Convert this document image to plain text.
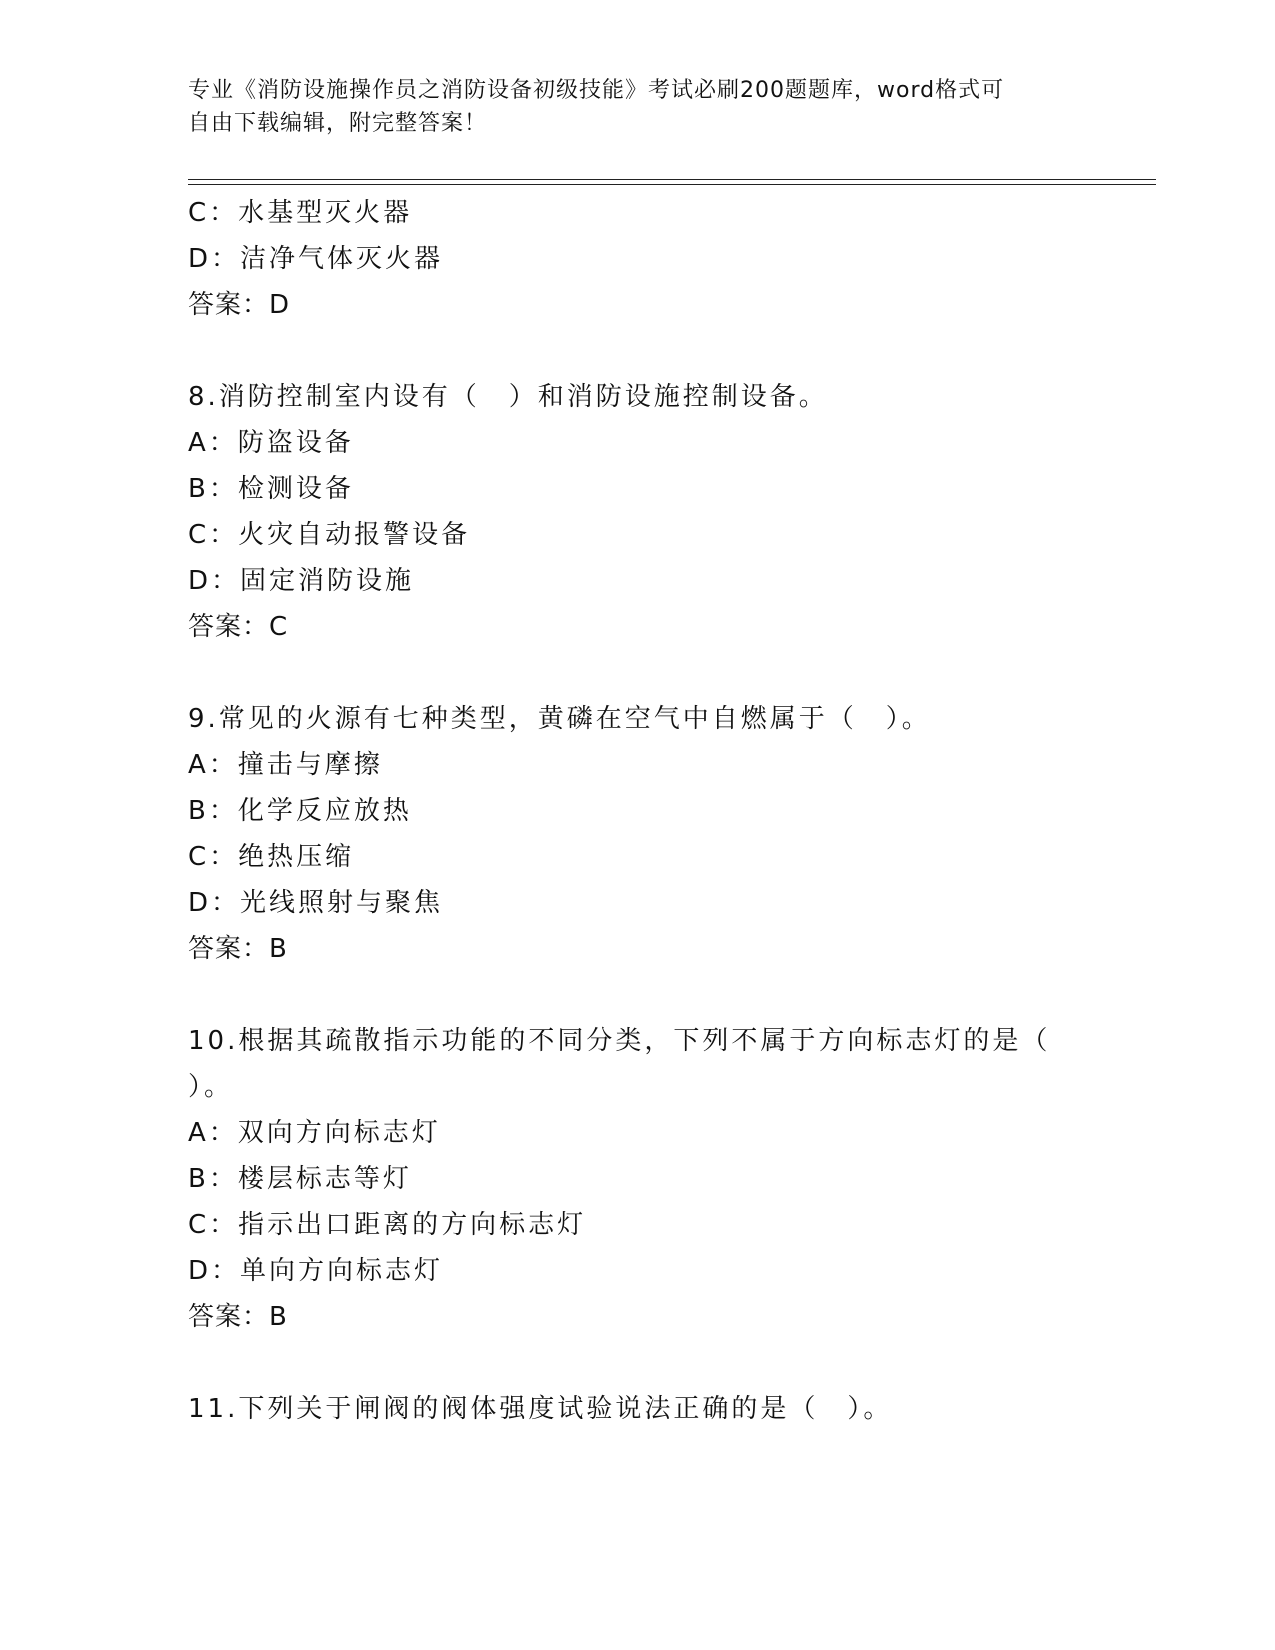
专业《消防设施操作员之消防设备初级技能》考试必刷200题题库，word格式可
自由下载编辑，附完整答案！
C：水基型灭火器
D：洁净气体灭火器
答案：D
8.消防控制室内设有（　）和消防设施控制设备。
A：防盗设备
B：检测设备
C：火灾自动报警设备
D：固定消防设施
答案：C
9.常见的火源有七种类型，黄磷在空气中自燃属于（　）。
A：撞击与摩擦
B：化学反应放热
C：绝热压缩
D：光线照射与聚焦
答案：B
10.根据其疏散指示功能的不同分类，下列不属于方向标志灯的是（
）。
A：双向方向标志灯
B：楼层标志等灯
C：指示出口距离的方向标志灯
D：单向方向标志灯
答案：B
11.下列关于闸阀的阀体强度试验说法正确的是（　）。
